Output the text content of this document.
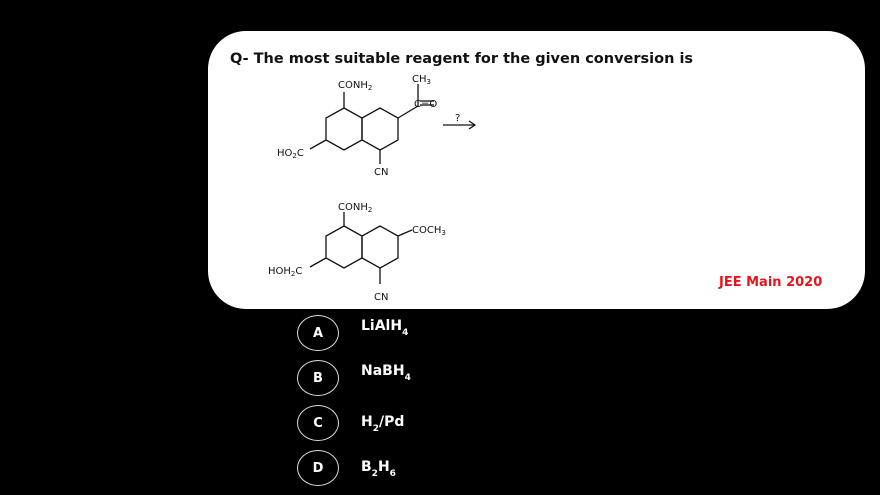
Q- The most suitable reagent for the given conversion is
$CONH_2$
$CH_3$
C=O
$HO_2C$
CN
?
$CONH_2$
$COCH_3$
$HOH_2C$
CN
JEE Main 2020
A	LiAlH$_4$
B	NaBH$_4$
C	$H_2/Pd$
D	$B_2H_6$
